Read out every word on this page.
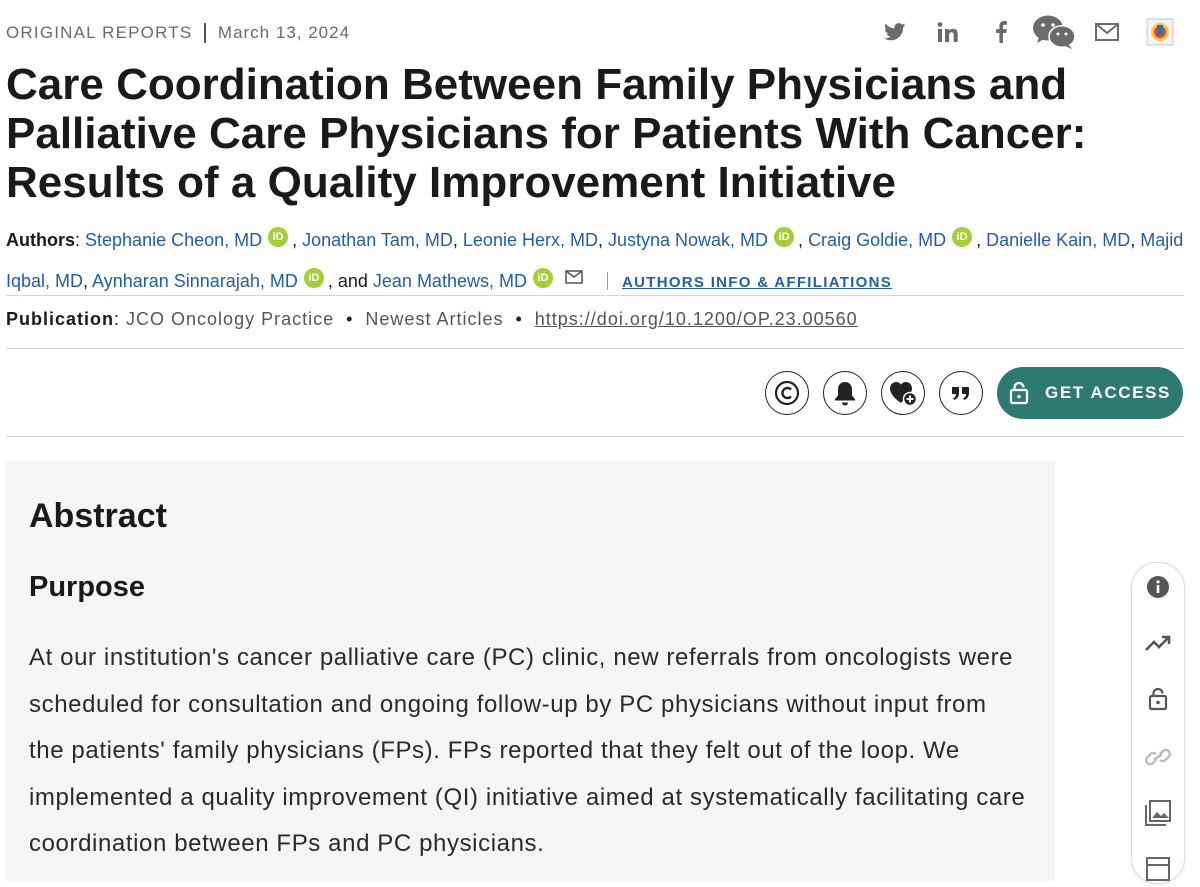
ORIGINAL REPORTS March 13, 2024
Care Coordination Between Family Physicians and Palliative Care Physicians for Patients With Cancer: Results of a Quality Improvement Initiative
Authors: Stephanie Cheon, MD iD , Jonathan Tam, MD, Leonie Herx, MD, Justyna Nowak, MD iD , Craig Goldie, MD iD , Danielle Kain, MD, Majid Iqbal, MD, Aynharan Sinnarajah, MD iD , and Jean Mathews, MD iD	AUTHORS INFO & AFFILIATIONS
Publication : JCO Oncology Practice • Newest Articles • https://doi.org/10.1200/OP.23.00560
GET ACCESS
Abstract
Purpose

At our institution's cancer palliative care (PC) clinic, new referrals from oncologists were scheduled for consultation and ongoing follow-up by PC physicians without input from the patients' family physicians (FPs). FPs reported that they felt out of the loop. We implemented a quality improvement (QI) initiative aimed at systematically facilitating care coordination between FPs and PC physicians.
